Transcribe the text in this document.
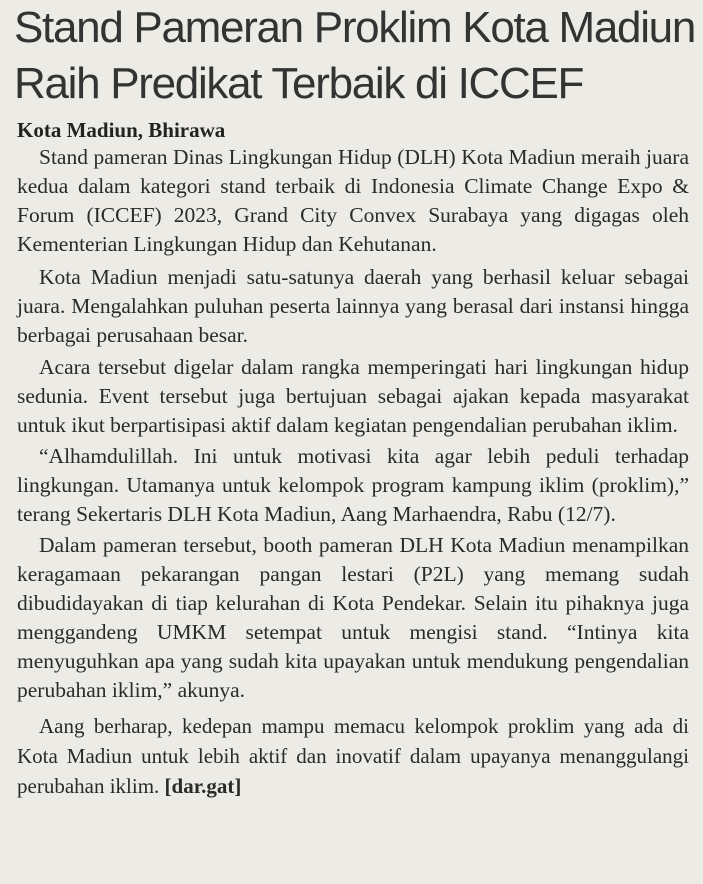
Stand Pameran Proklim Kota Madiun
Raih Predikat Terbaik di ICCEF

Kota Madiun, Bhirawa

Stand pameran Dinas Lingkungan Hidup (DLH) Kota Madiun meraih juara kedua dalam kategori stand terbaik di Indonesia Climate Change Expo & Forum (ICCEF) 2023, Grand City Convex Surabaya yang digagas oleh Kementerian Lingkungan Hidup dan Kehutanan.

Kota Madiun menjadi satu-satunya daerah yang berhasil keluar sebagai juara. Mengalahkan puluhan peserta lainnya yang berasal dari instansi hingga berbagai perusahaan besar.

Acara tersebut digelar dalam rangka memperingati hari lingkungan hidup sedunia. Event tersebut juga bertujuan sebagai ajakan kepada masyarakat untuk ikut berpartisipasi aktif dalam kegiatan pengendalian perubahan iklim.

“Alhamdulillah. Ini untuk motivasi kita agar lebih peduli terhadap lingkungan. Utamanya untuk kelompok program kampung iklim (proklim),” terang Sekertaris DLH Kota Madiun, Aang Marhaendra, Rabu (12/7).

Dalam pameran tersebut, booth pameran DLH Kota Madiun menampilkan keragamaan pekarangan pangan lestari (P2L) yang memang sudah dibudidayakan di tiap kelurahan di Kota Pendekar. Selain itu pihaknya juga menggandeng UMKM setempat untuk mengisi stand. “Intinya kita menyuguhkan apa yang sudah kita upayakan untuk mendukung pengendalian perubahan iklim,” akunya.

Aang berharap, kedepan mampu memacu kelompok proklim yang ada di Kota Madiun untuk lebih aktif dan inovatif dalam upayanya menanggulangi perubahan iklim. [dar.gat]
